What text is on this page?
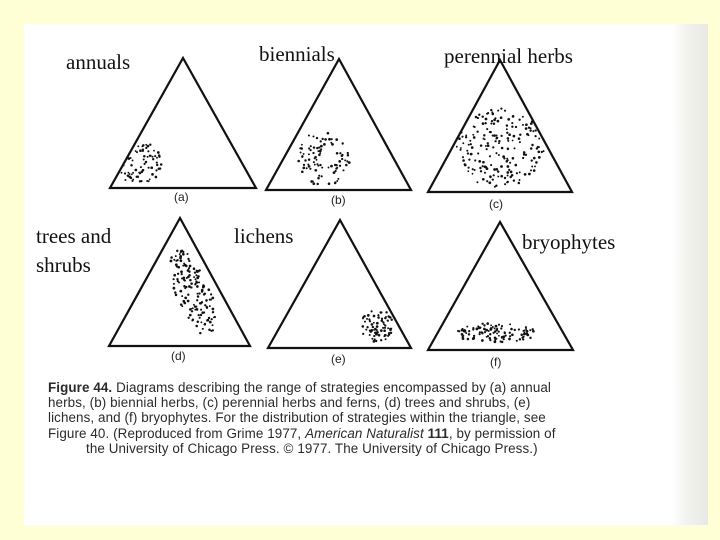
annuals	biennials	perennial herbs
trees and
shrubs
lichens	bryophytes
(a)	(b)	(c)
(d)	(e)	(f)
Figure 44. Diagrams describing the range of strategies encompassed by (a) annual
herbs, (b) biennial herbs, (c) perennial herbs and ferns, (d) trees and shrubs, (e)
lichens, and (f) bryophytes. For the distribution of strategies within the triangle, see
Figure 40. (Reproduced from Grime 1977, American Naturalist 111, by permission of
the University of Chicago Press. © 1977. The University of Chicago Press.)
